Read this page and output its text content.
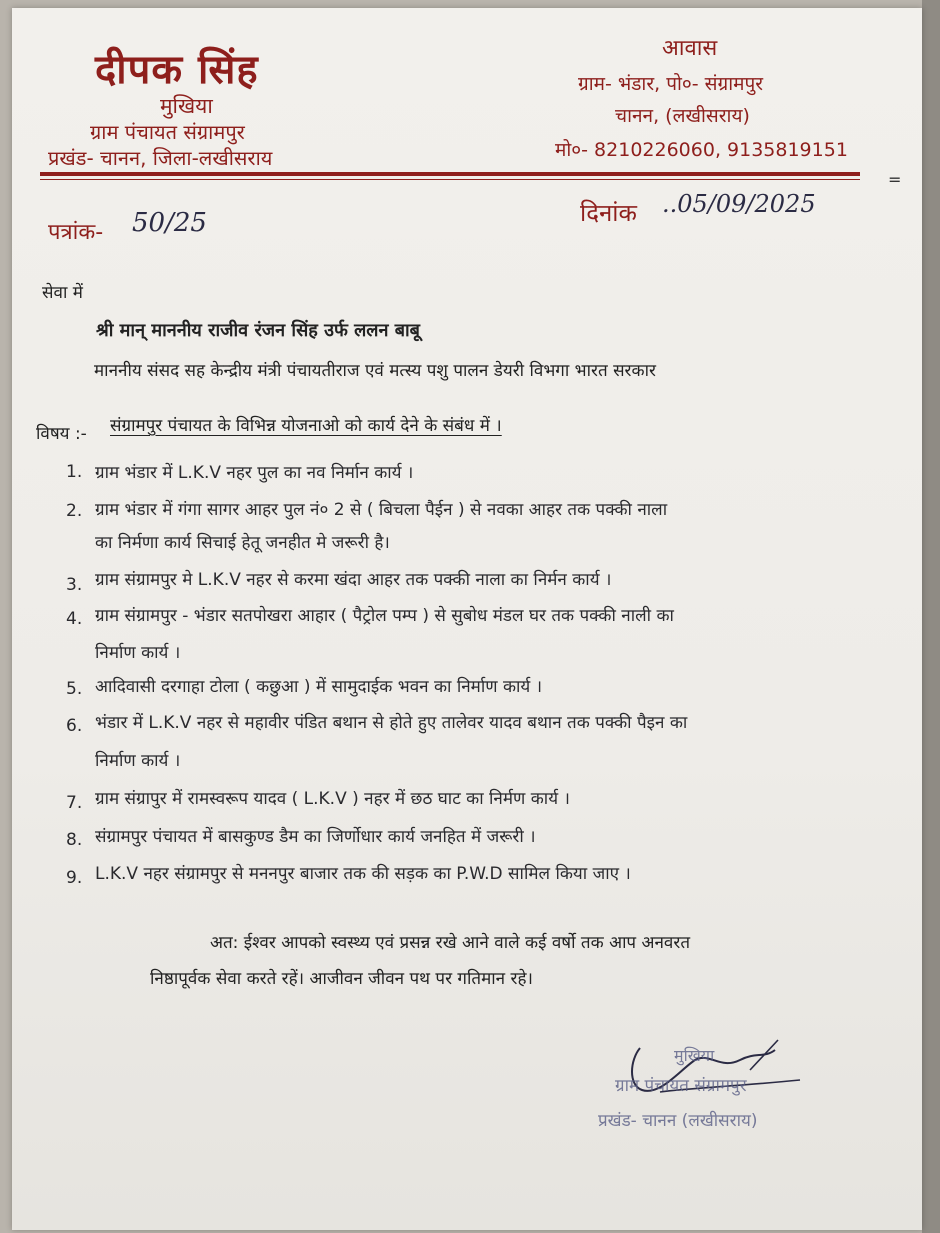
दीपक सिंह
मुखिया
ग्राम पंचायत संग्रामपुर
प्रखंड- चानन, जिला-लखीसराय
आवास
ग्राम- भंडार, पो०- संग्रामपुर
चानन, (लखीसराय)
मो०- 8210226060, 9135819151
=
पत्रांक- 50/25	दिनांक ..05/09/2025
सेवा में
श्री मान् माननीय राजीव रंजन सिंह उर्फ ललन बाबू
माननीय संसद सह केन्द्रीय मंत्री पंचायतीराज एवं मत्स्य पशु पालन डेयरी विभगा भारत सरकार
विषय :- संग्रामपुर पंचायत के विभिन्न योजनाओ को कार्य देने के संबंध में ।
1. ग्राम भंडार में L.K.V नहर पुल का नव निर्मान कार्य ।
2. ग्राम भंडार में गंगा सागर आहर पुल नं० 2 से ( बिचला पैईन ) से नवका आहर तक पक्की नाला
का निर्मणा कार्य सिचाई हेतू जनहीत मे जरूरी है।
3. ग्राम संग्रामपुर मे L.K.V नहर से करमा खंदा आहर तक पक्की नाला का निर्मन कार्य ।
4. ग्राम संग्रामपुर - भंडार सतपोखरा आहार ( पैट्रोल पम्प ) से सुबोध मंडल घर तक पक्की नाली का
निर्माण कार्य ।
5. आदिवासी दरगाहा टोला ( कछुआ ) में सामुदाईक भवन का निर्माण कार्य ।
6. भंडार में L.K.V नहर से महावीर पंडित बथान से होते हुए तालेवर यादव बथान तक पक्की पैइन का
निर्माण कार्य ।
7. ग्राम संग्रापुर में रामस्वरूप यादव ( L.K.V ) नहर में छठ घाट का निर्मण कार्य ।
8. संग्रामपुर पंचायत में बासकुण्ड डैम का जिर्णोधार कार्य जनहित में जरूरी ।
9. L.K.V नहर संग्रामपुर से मननपुर बाजार तक की सड़क का P.W.D सामिल किया जाए ।
अत: ईश्वर आपको स्वस्थ्य एवं प्रसन्न रखे आने वाले कई वर्षो तक आप अनवरत
निष्ठापूर्वक सेवा करते रहें। आजीवन जीवन पथ पर गतिमान रहे।
मुखिया
ग्राम पंचायत संग्रामपुर
प्रखंड- चानन (लखीसराय)
